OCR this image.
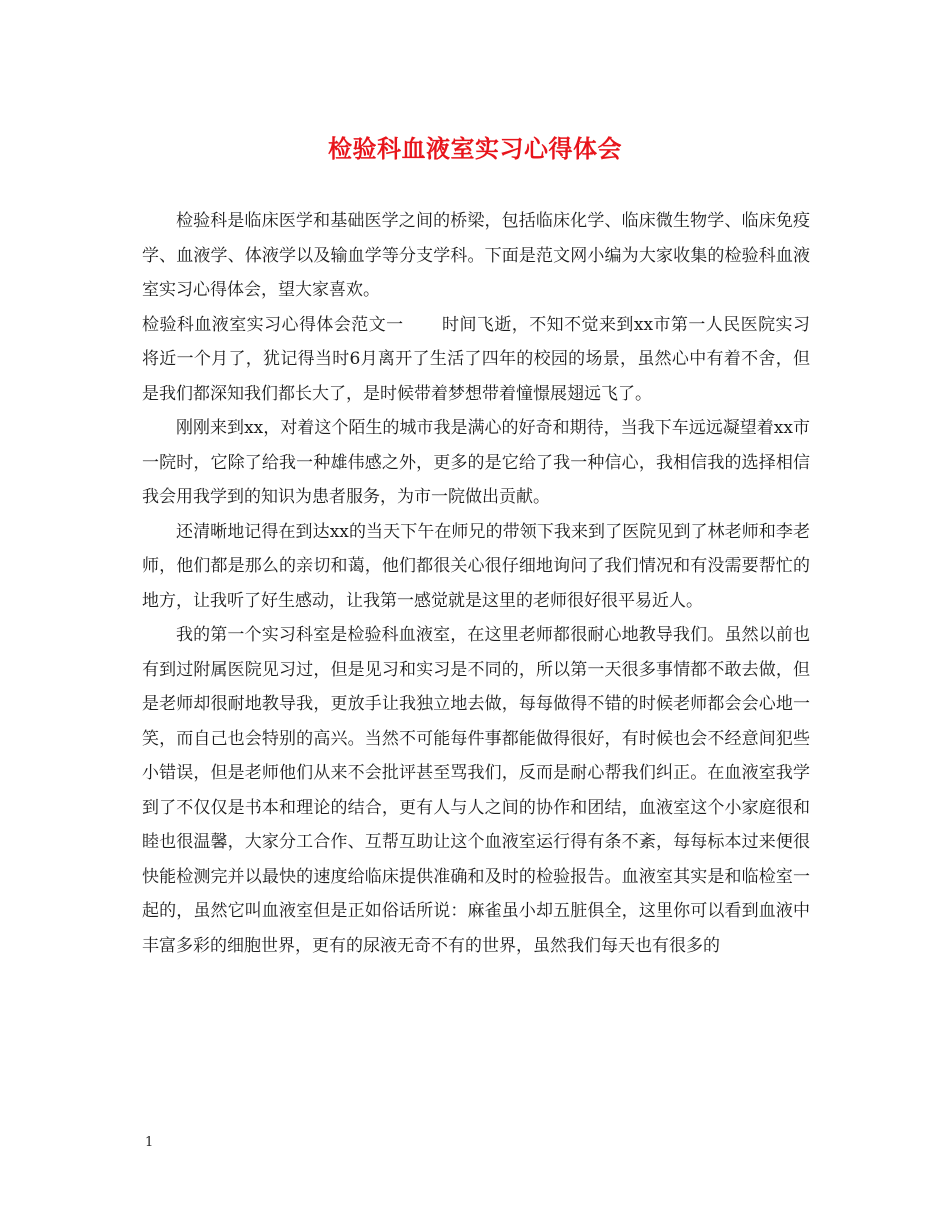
检验科血液室实习心得体会

检验科是临床医学和基础医学之间的桥梁，包括临床化学、临床微生物学、临床免疫学、血液学、体液学以及输血学等分支学科。下面是范文网小编为大家收集的检验科血液室实习心得体会，望大家喜欢。

检验科血液室实习心得体会范文一 时间飞逝，不知不觉来到xx市第一人民医院实习将近一个月了，犹记得当时6月离开了生活了四年的校园的场景，虽然心中有着不舍，但是我们都深知我们都长大了，是时候带着梦想带着憧憬展翅远飞了。

刚刚来到xx，对着这个陌生的城市我是满心的好奇和期待，当我下车远远凝望着xx市一院时，它除了给我一种雄伟感之外，更多的是它给了我一种信心，我相信我的选择相信我会用我学到的知识为患者服务，为市一院做出贡献。

还清晰地记得在到达xx的当天下午在师兄的带领下我来到了医院见到了林老师和李老师，他们都是那么的亲切和蔼，他们都很关心很仔细地询问了我们情况和有没需要帮忙的地方，让我听了好生感动，让我第一感觉就是这里的老师很好很平易近人。

我的第一个实习科室是检验科血液室，在这里老师都很耐心地教导我们。虽然以前也有到过附属医院见习过，但是见习和实习是不同的，所以第一天很多事情都不敢去做，但是老师却很耐地教导我，更放手让我独立地去做，每每做得不错的时候老师都会会心地一笑，而自己也会特别的高兴。当然不可能每件事都能做得很好，有时候也会不经意间犯些小错误，但是老师他们从来不会批评甚至骂我们，反而是耐心帮我们纠正。在血液室我学到了不仅仅是书本和理论的结合，更有人与人之间的协作和团结，血液室这个小家庭很和睦也很温馨，大家分工合作、互帮互助让这个血液室运行得有条不紊，每每标本过来便很快能检测完并以最快的速度给临床提供准确和及时的检验报告。血液室其实是和临检室一起的，虽然它叫血液室但是正如俗话所说：麻雀虽小却五脏俱全，这里你可以看到血液中丰富多彩的细胞世界，更有的尿液无奇不有的世界，虽然我们每天也有很多的

1
